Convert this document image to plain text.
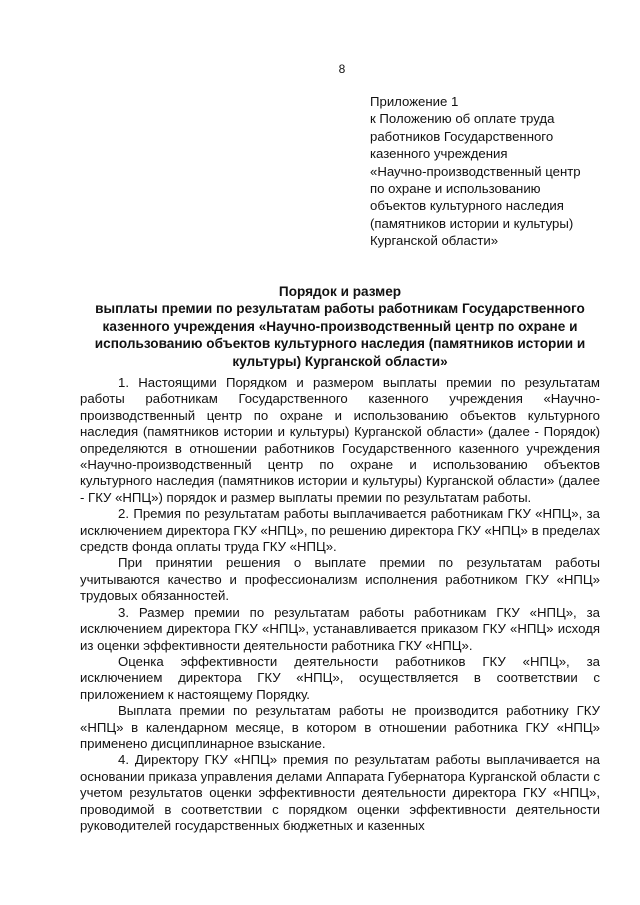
8
Приложение 1
к Положению об оплате труда
работников Государственного
казенного учреждения
«Научно-производственный центр
по охране и использованию
объектов культурного наследия
(памятников истории и культуры)
Курганской области»
Порядок и размер
выплаты премии по результатам работы работникам Государственного
казенного учреждения «Научно-производственный центр по охране и
использованию объектов культурного наследия (памятников истории и
культуры) Курганской области»

1. Настоящими Порядком и размером выплаты премии по результатам работы работникам Государственного казенного учреждения «Научно-производственный центр по охране и использованию объектов культурного наследия (памятников истории и культуры) Курганской области» (далее - Порядок) определяются в отношении работников Государственного казенного учреждения «Научно-производственный центр по охране и использованию объектов культурного наследия (памятников истории и культуры) Курганской области» (далее - ГКУ «НПЦ») порядок и размер выплаты премии по результатам работы.

2. Премия по результатам работы выплачивается работникам ГКУ «НПЦ», за исключением директора ГКУ «НПЦ», по решению директора ГКУ «НПЦ» в пределах средств фонда оплаты труда ГКУ «НПЦ».

При принятии решения о выплате премии по результатам работы учитываются качество и профессионализм исполнения работником ГКУ «НПЦ» трудовых обязанностей.

3. Размер премии по результатам работы работникам ГКУ «НПЦ», за исключением директора ГКУ «НПЦ», устанавливается приказом ГКУ «НПЦ» исходя из оценки эффективности деятельности работника ГКУ «НПЦ».

Оценка эффективности деятельности работников ГКУ «НПЦ», за исключением директора ГКУ «НПЦ», осуществляется в соответствии с приложением к настоящему Порядку.

Выплата премии по результатам работы не производится работнику ГКУ «НПЦ» в календарном месяце, в котором в отношении работника ГКУ «НПЦ» применено дисциплинарное взыскание.

4. Директору ГКУ «НПЦ» премия по результатам работы выплачивается на основании приказа управления делами Аппарата Губернатора Курганской области с учетом результатов оценки эффективности деятельности директора ГКУ «НПЦ», проводимой в соответствии с порядком оценки эффективности деятельности руководителей государственных бюджетных и казенных
